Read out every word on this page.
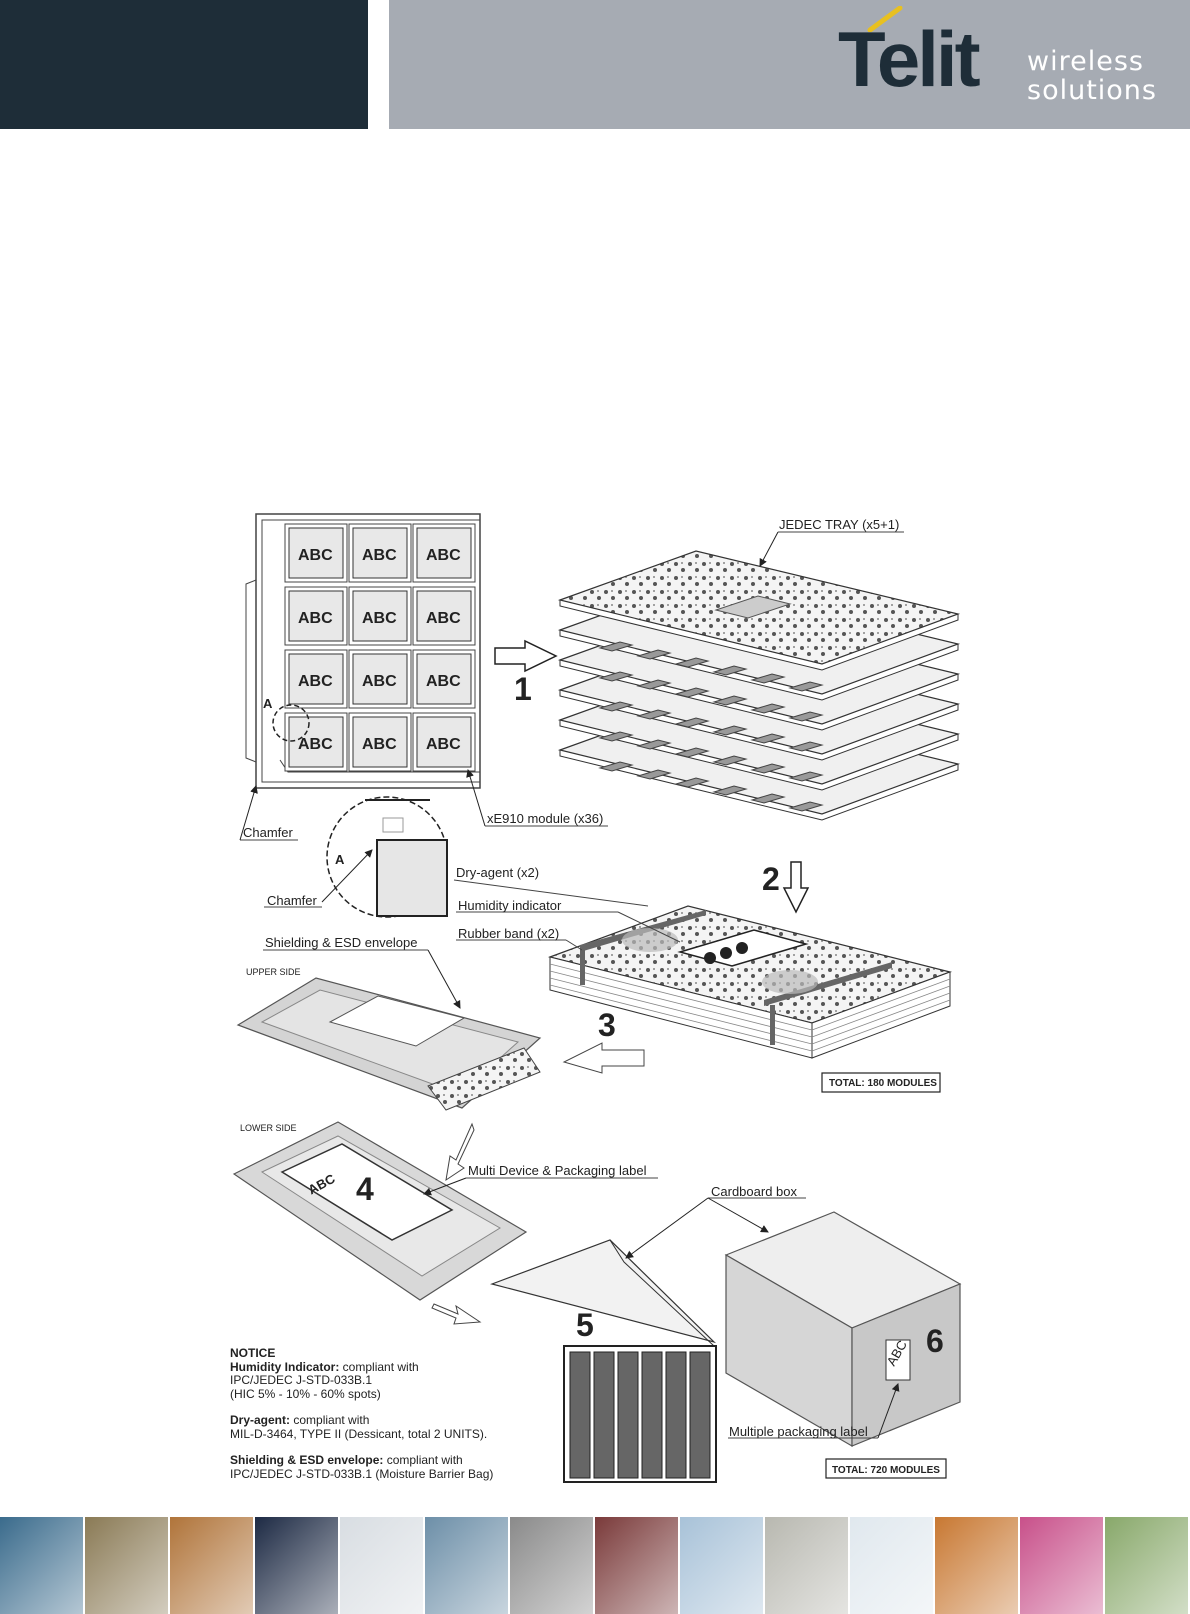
Telit wireless
solutions
ABC ABC ABC
ABC ABC ABC
ABC ABC ABC
ABC ABC ABC
A
Chamfer
A
Chamfer
xE910 module (x36)
1
JEDEC TRAY (x5+1)
2
Dry-agent (x2)
Humidity indicator
Rubber band (x2)
TOTAL: 180 MODULES
3
UPPER SIDE
Shielding & ESD envelope
LOWER SIDE
ABC 4
Multi Device & Packaging label
5
ABC 6
Cardboard box
Multiple packaging label
TOTAL: 720 MODULES
NOTICE

Humidity Indicator: compliant with
IPC/JEDEC J-STD-033B.1
(HIC 5% - 10% - 60% spots)

Dry-agent: compliant with
MIL-D-3464, TYPE II (Dessicant, total 2 UNITS).

Shielding & ESD envelope: compliant with
IPC/JEDEC J-STD-033B.1 (Moisture Barrier Bag)
